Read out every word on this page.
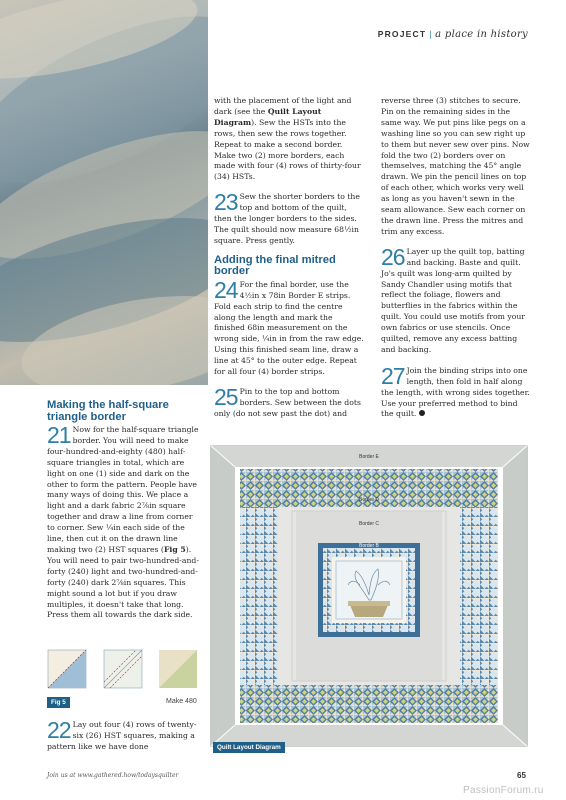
PROJECT | a place in history
Making the half-square triangle border
21 Now for the half-square triangle border. You will need to make four-hundred-and-eighty (480) half-square triangles in total, which are light on one (1) side and dark on the other to form the pattern. People have many ways of doing this. We place a light and a dark fabric 2⅞in square together and draw a line from corner to corner. Sew ¼in each side of the line, then cut it on the drawn line making two (2) HST squares (Fig 5). You will need to pair two-hundred-and-forty (240) light and two-hundred-and-forty (240) dark 2⅞in squares. This might sound a lot but if you draw multiples, it doesn't take that long. Press them all towards the dark side.
Fig 5	Make 480
22 Lay out four (4) rows of twenty-six (26) HST squares, making a pattern like we have done

with the placement of the light and dark (see the Quilt Layout Diagram). Sew the HSTs into the rows, then sew the rows together. Repeat to make a second border. Make two (2) more borders, each made with four (4) rows of thirty-four (34) HSTs.

23 Sew the shorter borders to the top and bottom of the quilt, then the longer borders to the sides. The quilt should now measure 68½in square. Press gently.
Adding the final mitred border
24 For the final border, use the 4½in x 78in Border E strips. Fold each strip to find the centre along the length and mark the finished 68in measurement on the wrong side, ¼in in from the raw edge. Using this finished seam line, draw a line at 45° to the outer edge. Repeat for all four (4) border strips.
25 Pin to the top and bottom borders. Sew between the dots only (do not sew past the dot) and

reverse three (3) stitches to secure. Pin on the remaining sides in the same way. We put pins like pegs on a washing line so you can sew right up to them but never sew over pins. Now fold the two (2) borders over on themselves, matching the 45° angle drawn. We pin the pencil lines on top of each other, which works very well as long as you haven't sewn in the seam allowance. Sew each corner on the drawn line. Press the mitres and trim any excess.

26 Layer up the quilt top, batting and backing. Baste and quilt. Jo's quilt was long-arm quilted by Sandy Chandler using motifs that reflect the foliage, flowers and butterflies in the fabrics within the quilt. You could use motifs from your own fabrics or use stencils. Once quilted, remove any excess batting and backing.
27 Join the binding strips into one length, then fold in half along the length, with wrong sides together. Use your preferred method to bind the quilt.
Border E
Border D
Border C
Border B
Quilt Layout Diagram
Join us at www.gathered.how/todaysquilter	65
PassionForum.ru
